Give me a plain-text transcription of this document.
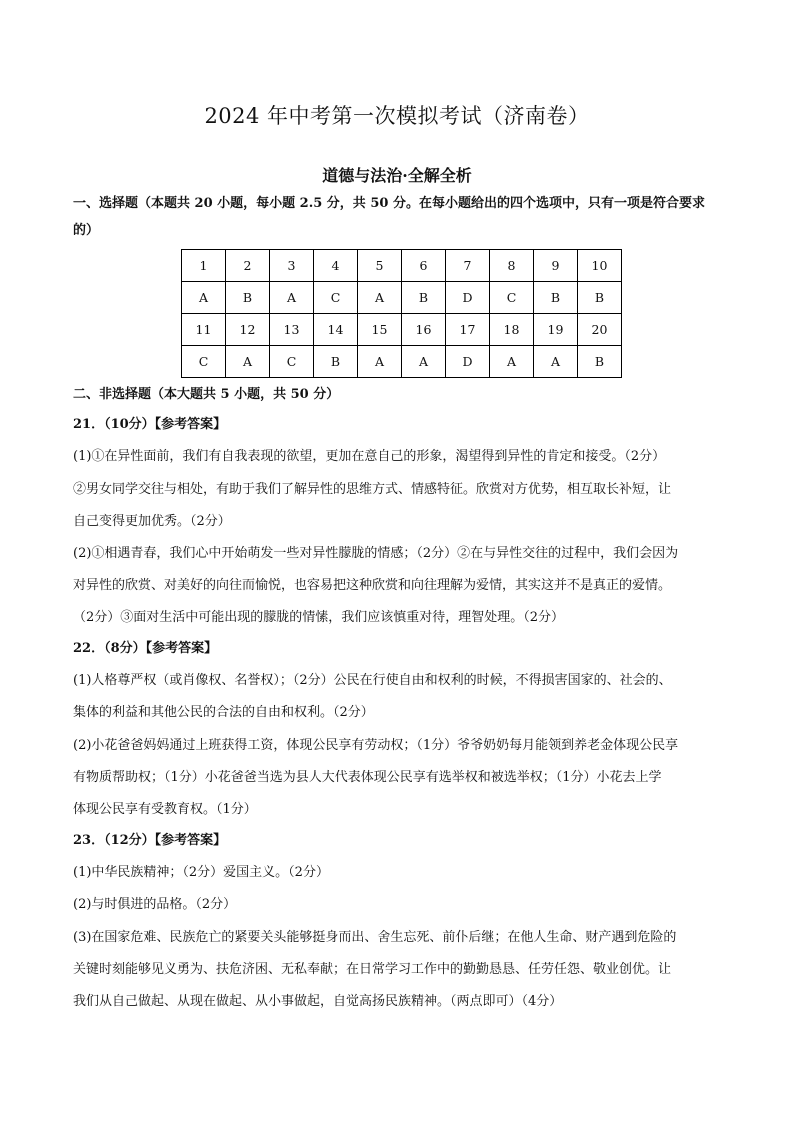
2024 年中考第一次模拟考试（济南卷）
道德与法治·全解全析
一、选择题（本题共 20 小题，每小题 2.5 分，共 50 分。在每小题给出的四个选项中，只有一项是符合要求
的）
1	2	3	4	5	6	7	8	9	10
A	B	A	C	A	B	D	C	B	B
11	12	13	14	15	16	17	18	19	20
C	A	C	B	A	A	D	A	A	B
二、非选择题（本大题共 5 小题，共 50 分）
21．（10分）【参考答案】
(1)①在异性面前，我们有自我表现的欲望，更加在意自己的形象，渴望得到异性的肯定和接受。（2分）
②男女同学交往与相处，有助于我们了解异性的思维方式、情感特征。欣赏对方优势，相互取长补短，让
自己变得更加优秀。（2分）
(2)①相遇青春，我们心中开始萌发一些对异性朦胧的情感；（2分）②在与异性交往的过程中，我们会因为
对异性的欣赏、对美好的向往而愉悦，也容易把这种欣赏和向往理解为爱情，其实这并不是真正的爱情。
（2分）③面对生活中可能出现的朦胧的情愫，我们应该慎重对待，理智处理。（2分）
22．（8分）【参考答案】
(1)人格尊严权（或肖像权、名誉权）；（2分）公民在行使自由和权利的时候，不得损害国家的、社会的、
集体的利益和其他公民的合法的自由和权利。（2分）
(2)小花爸爸妈妈通过上班获得工资，体现公民享有劳动权；（1分）爷爷奶奶每月能领到养老金体现公民享
有物质帮助权；（1分）小花爸爸当选为县人大代表体现公民享有选举权和被选举权；（1分）小花去上学
体现公民享有受教育权。（1分）
23．（12分）【参考答案】
(1)中华民族精神；（2分）爱国主义。（2分）
(2)与时俱进的品格。（2分）
(3)在国家危难、民族危亡的紧要关头能够挺身而出、舍生忘死、前仆后继；在他人生命、财产遇到危险的
关键时刻能够见义勇为、扶危济困、无私奉献；在日常学习工作中的勤勤恳恳、任劳任怨、敬业创优。让
我们从自己做起、从现在做起、从小事做起，自觉高扬民族精神。（两点即可）（4分）
